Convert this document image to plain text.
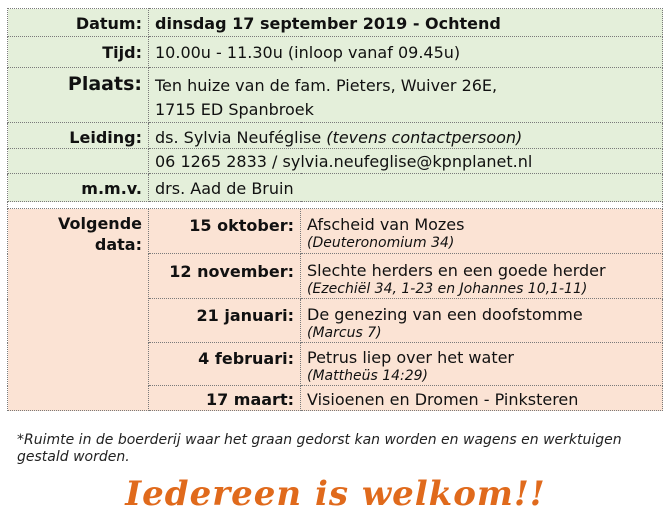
Datum:	dinsdag 17 september 2019 - Ochtend	
Tijd:	10.00u - 11.30u (inloop vanaf 09.45u)	
Plaats:	Ten huize van de fam. Pieters, Wuiver 26E,
1715 ED Spanbroek	
Leiding:	ds. Sylvia Neuféglise (tevens contactpersoon)	
	06 1265 2833 / sylvia.neufeglise@kpnplanet.nl	
m.m.v.	drs. Aad de Bruin	

Volgende
data:	15 oktober:	Afscheid van Mozes
(Deuteronomium 34)

	12 november:	Slechte herders en een goede herder
(Ezechiël 34, 1-23 en Johannes 10,1-11)

	21 januari:	De genezing van een doofstomme
(Marcus 7)

	4 februari:	Petrus liep over het water
(Mattheüs 14:29)

	17 maart:	Visioenen en Dromen - Pinksteren
*Ruimte in de boerderij waar het graan gedorst kan worden en wagens en werktuigen gestald worden.
Iedereen is welkom!!
